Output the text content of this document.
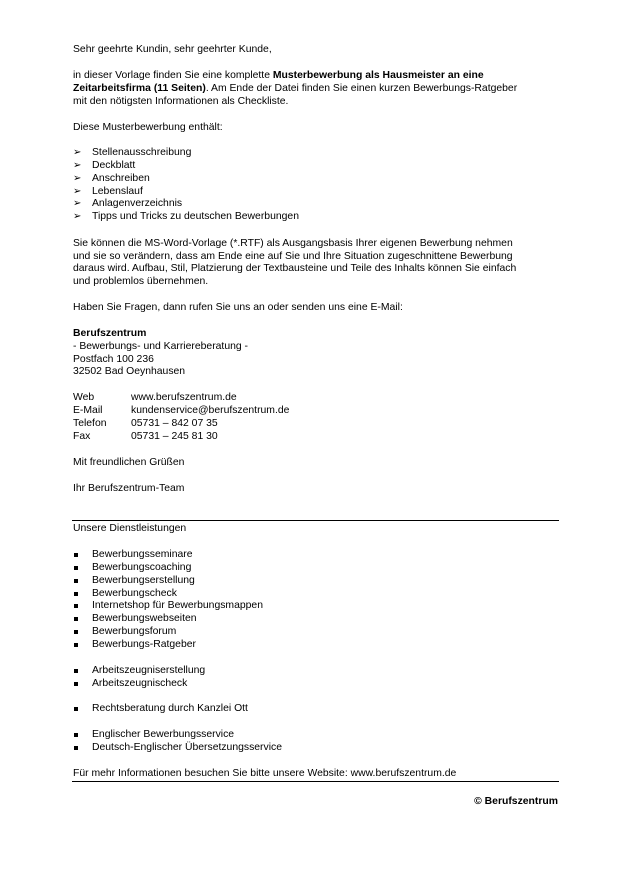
Sehr geehrte Kundin, sehr geehrter Kunde,
in dieser Vorlage finden Sie eine komplette Musterbewerbung als Hausmeister an eine
Zeitarbeitsfirma (11 Seiten). Am Ende der Datei finden Sie einen kurzen Bewerbungs-Ratgeber
mit den nötigsten Informationen als Checkliste.
Diese Musterbewerbung enthält:
➢ Stellenausschreibung
➢ Deckblatt
➢ Anschreiben
➢ Lebenslauf
➢ Anlagenverzeichnis
➢ Tipps und Tricks zu deutschen Bewerbungen
Sie können die MS-Word-Vorlage (*.RTF) als Ausgangsbasis Ihrer eigenen Bewerbung nehmen
und sie so verändern, dass am Ende eine auf Sie und Ihre Situation zugeschnittene Bewerbung
daraus wird. Aufbau, Stil, Platzierung der Textbausteine und Teile des Inhalts können Sie einfach
und problemlos übernehmen.
Haben Sie Fragen, dann rufen Sie uns an oder senden uns eine E-Mail:
Berufszentrum
- Bewerbungs- und Karriereberatung -
Postfach 100 236
32502 Bad Oeynhausen
Web	www.berufszentrum.de
E-Mail	kundenservice@berufszentrum.de
Telefon 05731 – 842 07 35
Fax	05731 – 245 81 30
Mit freundlichen Grüßen
Ihr Berufszentrum-Team
Unsere Dienstleistungen
Bewerbungsseminare
Bewerbungscoaching
Bewerbungserstellung
Bewerbungscheck
Internetshop für Bewerbungsmappen
Bewerbungswebseiten
Bewerbungsforum
Bewerbungs-Ratgeber
Arbeitszeugniserstellung
Arbeitszeugnischeck
Rechtsberatung durch Kanzlei Ott
Englischer Bewerbungsservice
Deutsch-Englischer Übersetzungsservice
Für mehr Informationen besuchen Sie bitte unsere Website: www.berufszentrum.de
© Berufszentrum
